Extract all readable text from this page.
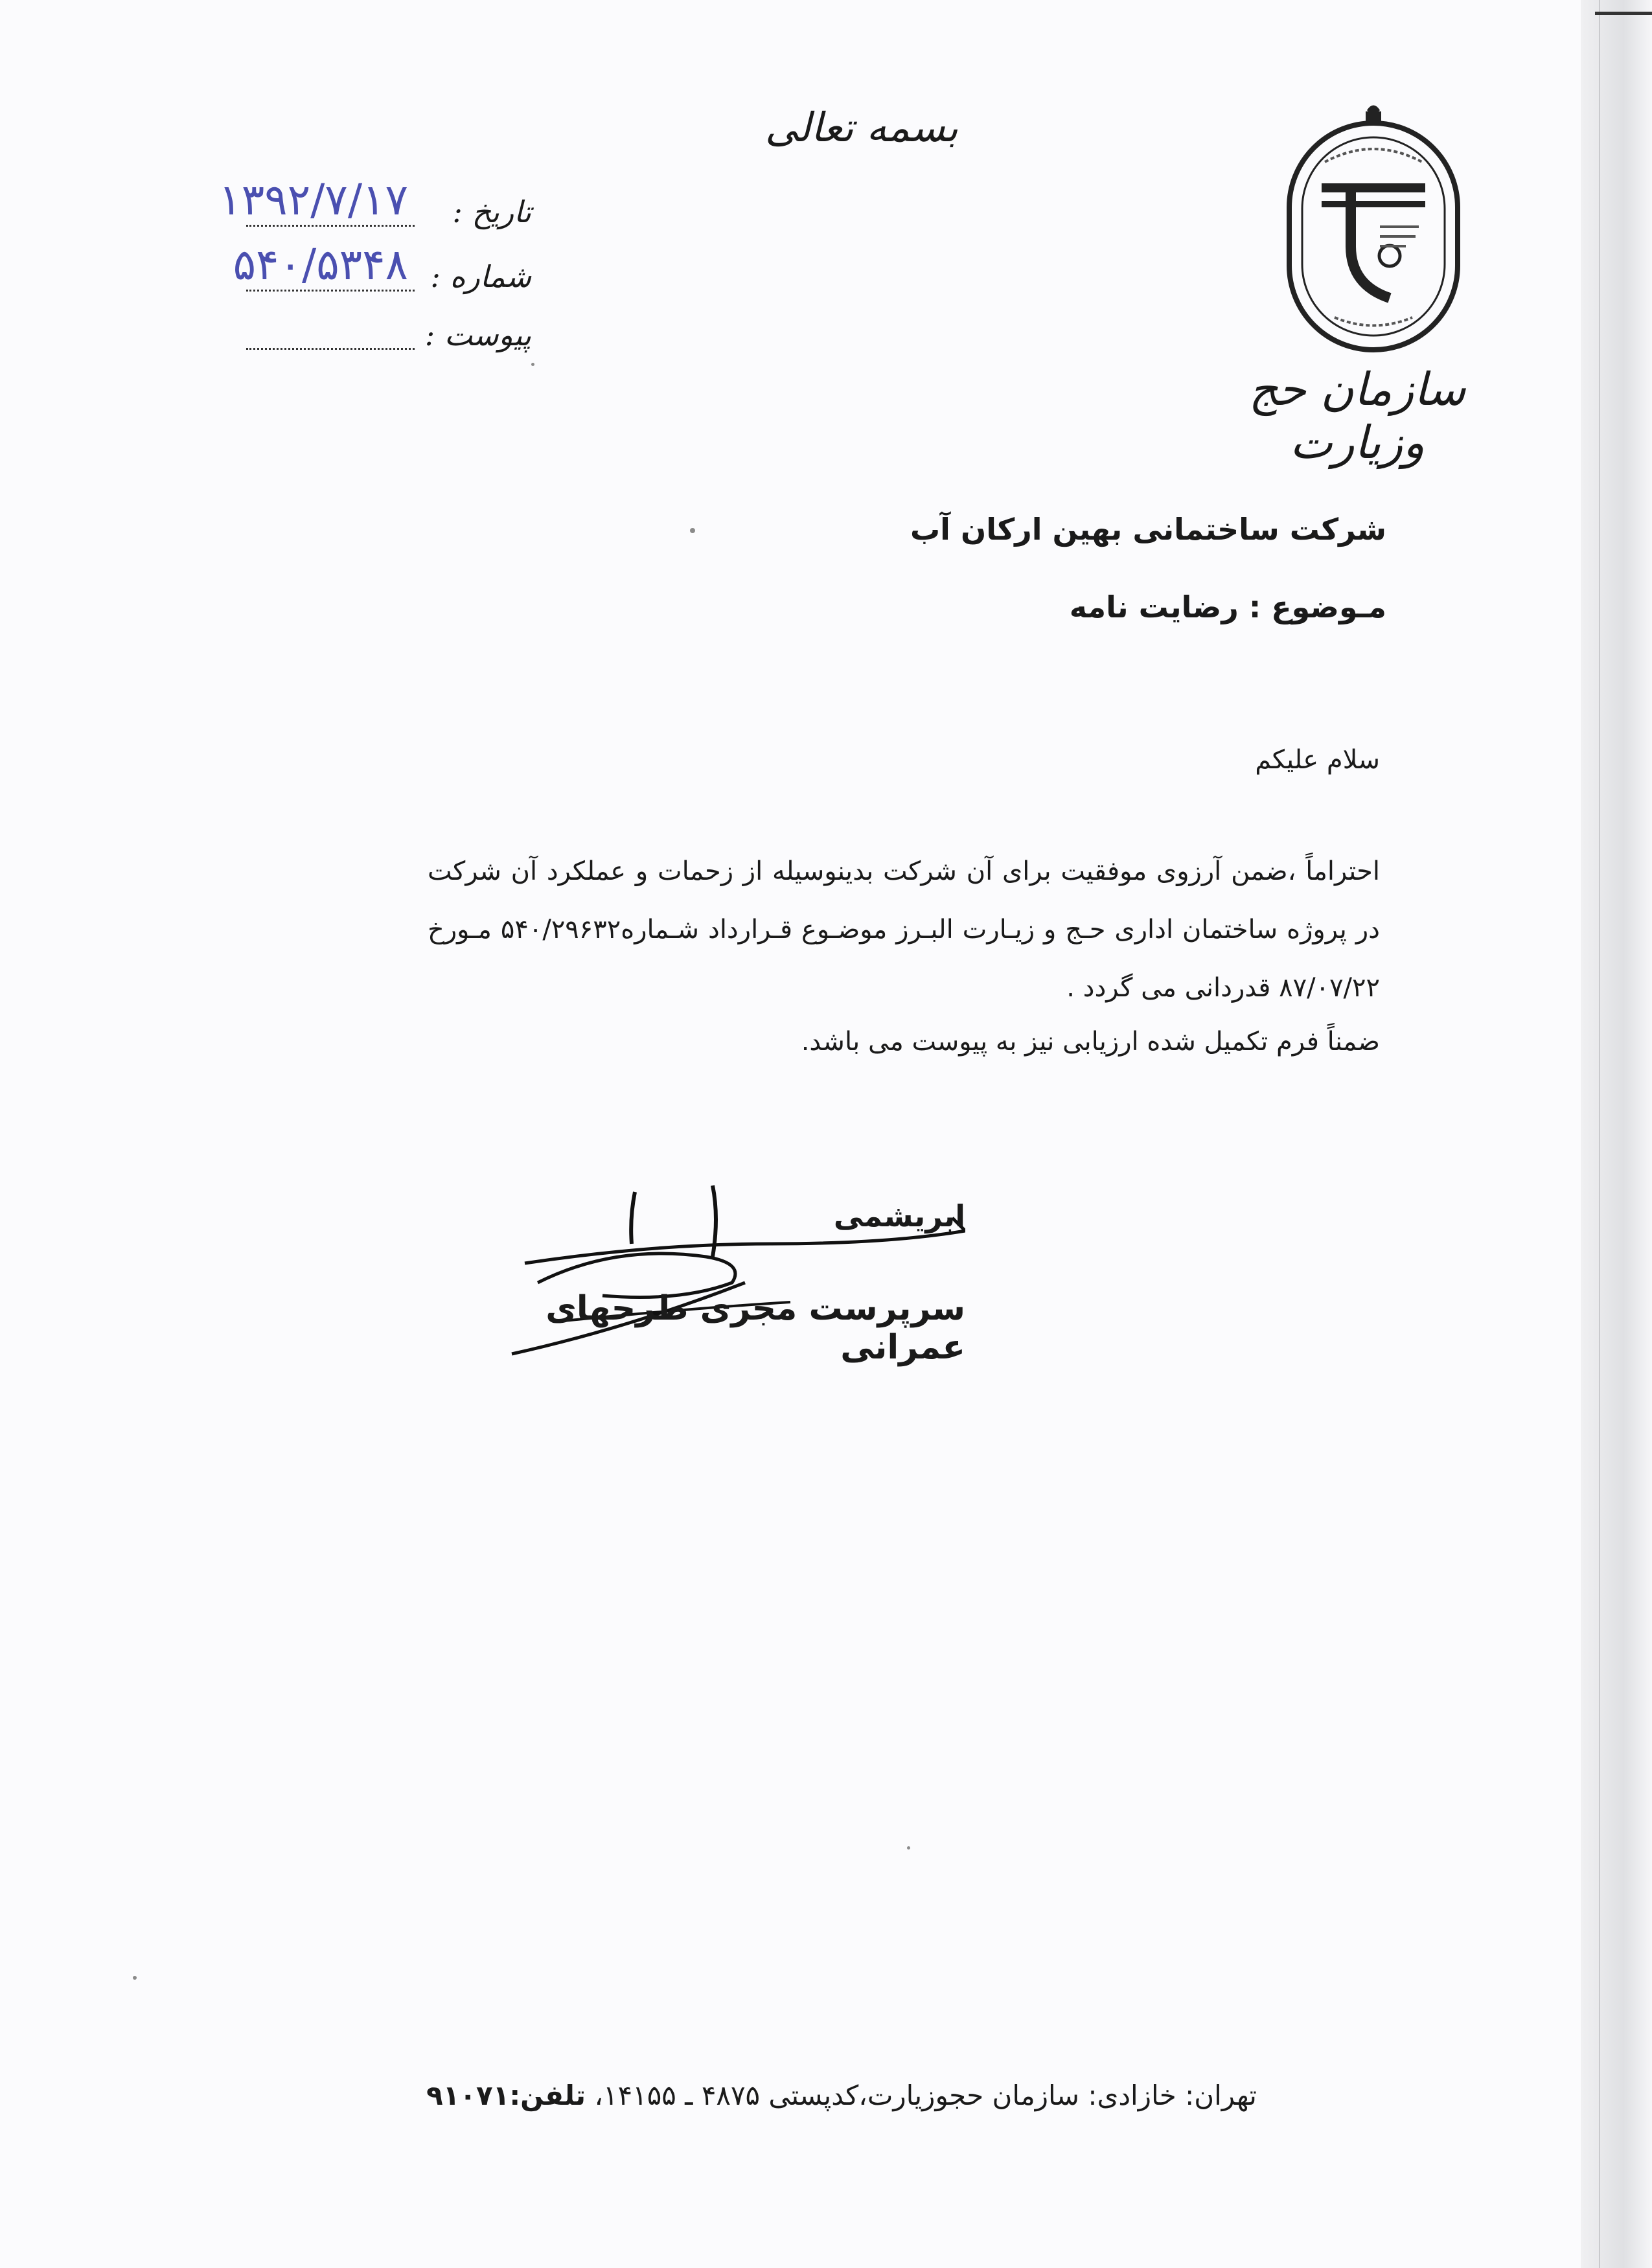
بسمه تعالی
تاریخ :
۱۳۹۲/۷/۱۷
شماره :
۵۴۰/۵۳۴۸
پیوست :
سازمان حج وزیارت
شرکت ساختمانی بهین ارکان آب
مـوضوع : رضایت نامه
سلام علیکم
احتراماً ،ضمن آرزوی موفقیت برای آن شرکت بدینوسیله از زحمات و عملکرد آن شرکت در پروژه ساختمان اداری حـج و زیـارت البـرز موضـوع قـرارداد شـماره۵۴۰/۲۹۶۳۲ مـورخ ۸۷/۰۷/۲۲ قدردانی می گردد .
ضمناً فرم تکمیل شده ارزیابی نیز به پیوست می باشد.
ابریشمی
سرپرست مجری طرحهای عمرانی
تهران: خازادی: سازمان حجوزیارت،کدپستی ۴۸۷۵ ـ ۱۴۱۵۵، تلفن:۹۱۰۷۱
